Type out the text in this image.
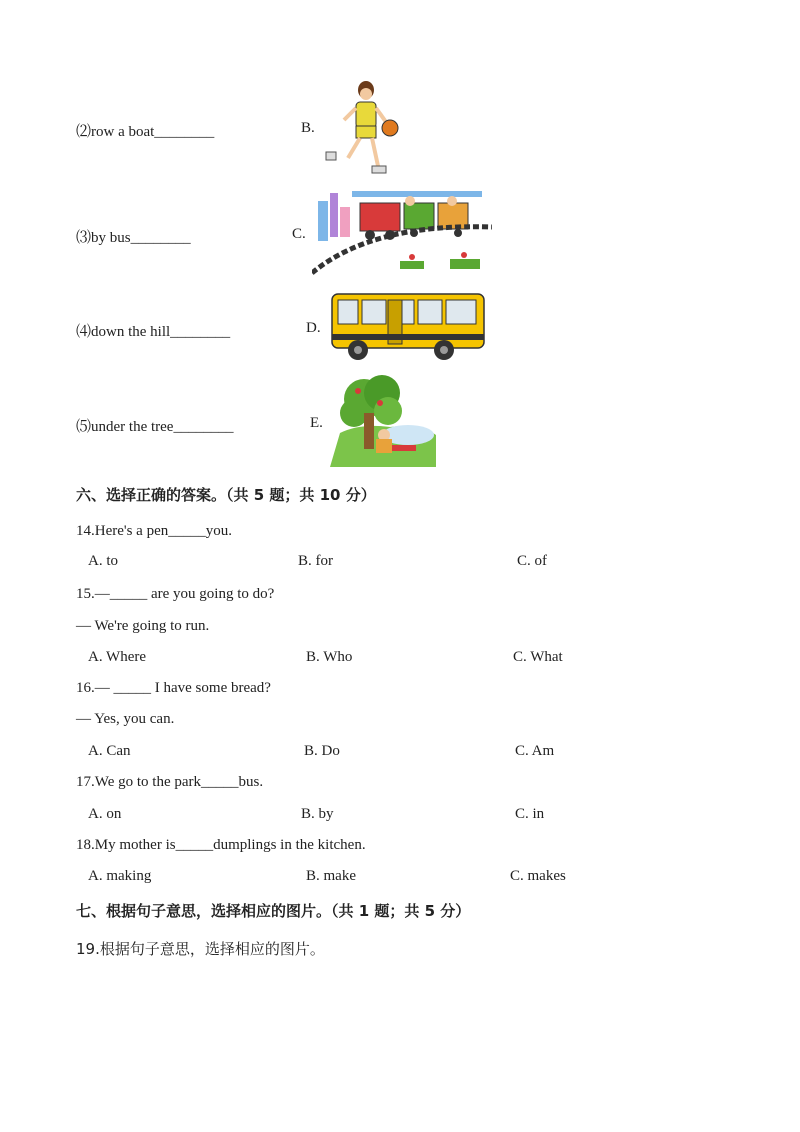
⑵row a boat________	B.
⑶by bus________	C.
⑷down the hill________	D.
⑸under the tree________	E.
六、选择正确的答案。（共 5 题；共 10 分）
14.Here's a pen_____you.
A. to	B. for	C. of
15.—_____ are you going to do?
— We're going to run.
A. Where	B. Who	C. What
16.— _____ I have some bread?
— Yes, you can.
A. Can	B. Do	C. Am
17.We go to the park_____bus.
A. on	B. by	C. in
18.My mother is_____dumplings in the kitchen.
A. making	B. make	C. makes
七、根据句子意思，选择相应的图片。（共 1 题；共 5 分）
19.根据句子意思，选择相应的图片。
